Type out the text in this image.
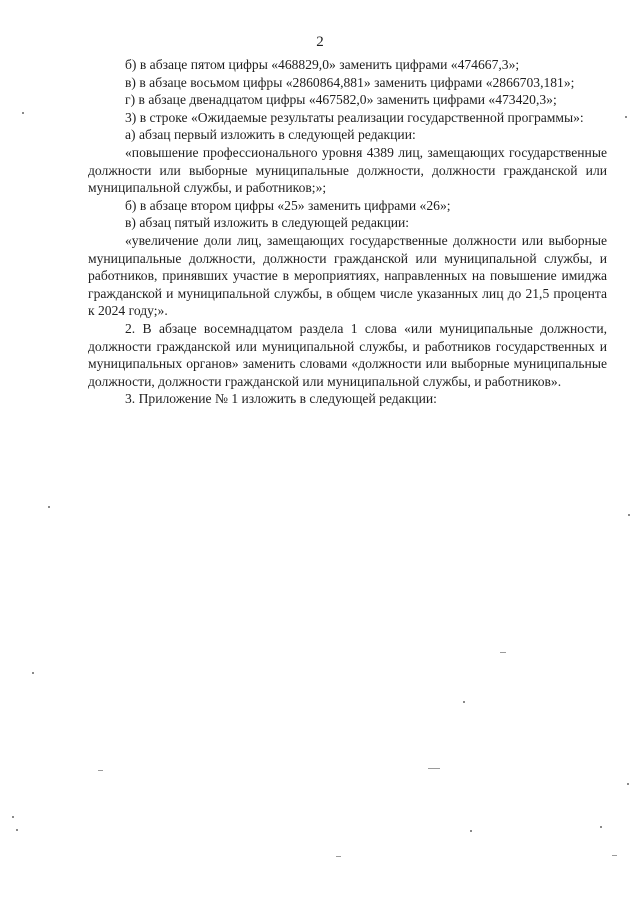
2

б) в абзаце пятом цифры «468829,0» заменить цифрами «474667,3»;

в) в абзаце восьмом цифры «2860864,881» заменить цифрами «2866703,181»;

г) в абзаце двенадцатом цифры «467582,0» заменить цифрами «473420,3»;

3) в строке «Ожидаемые результаты реализации государственной программы»:

а) абзац первый изложить в следующей редакции:

«повышение профессионального уровня 4389 лиц, замещающих государственные должности или выборные муниципальные должности, должности гражданской или муниципальной службы, и работников;»;

б) в абзаце втором цифры «25» заменить цифрами «26»;

в) абзац пятый изложить в следующей редакции:

«увеличение доли лиц, замещающих государственные должности или выборные муниципальные должности, должности гражданской или муниципальной службы, и работников, принявших участие в мероприятиях, направленных на повышение имиджа гражданской и муниципальной службы, в общем числе указанных лиц до 21,5 процента к 2024 году;».

2. В абзаце восемнадцатом раздела 1 слова «или муниципальные должности, должности гражданской или муниципальной службы, и работников государственных и муниципальных органов» заменить словами «должности или выборные муниципальные должности, должности гражданской или муниципальной службы, и работников».

3. Приложение № 1 изложить в следующей редакции:
